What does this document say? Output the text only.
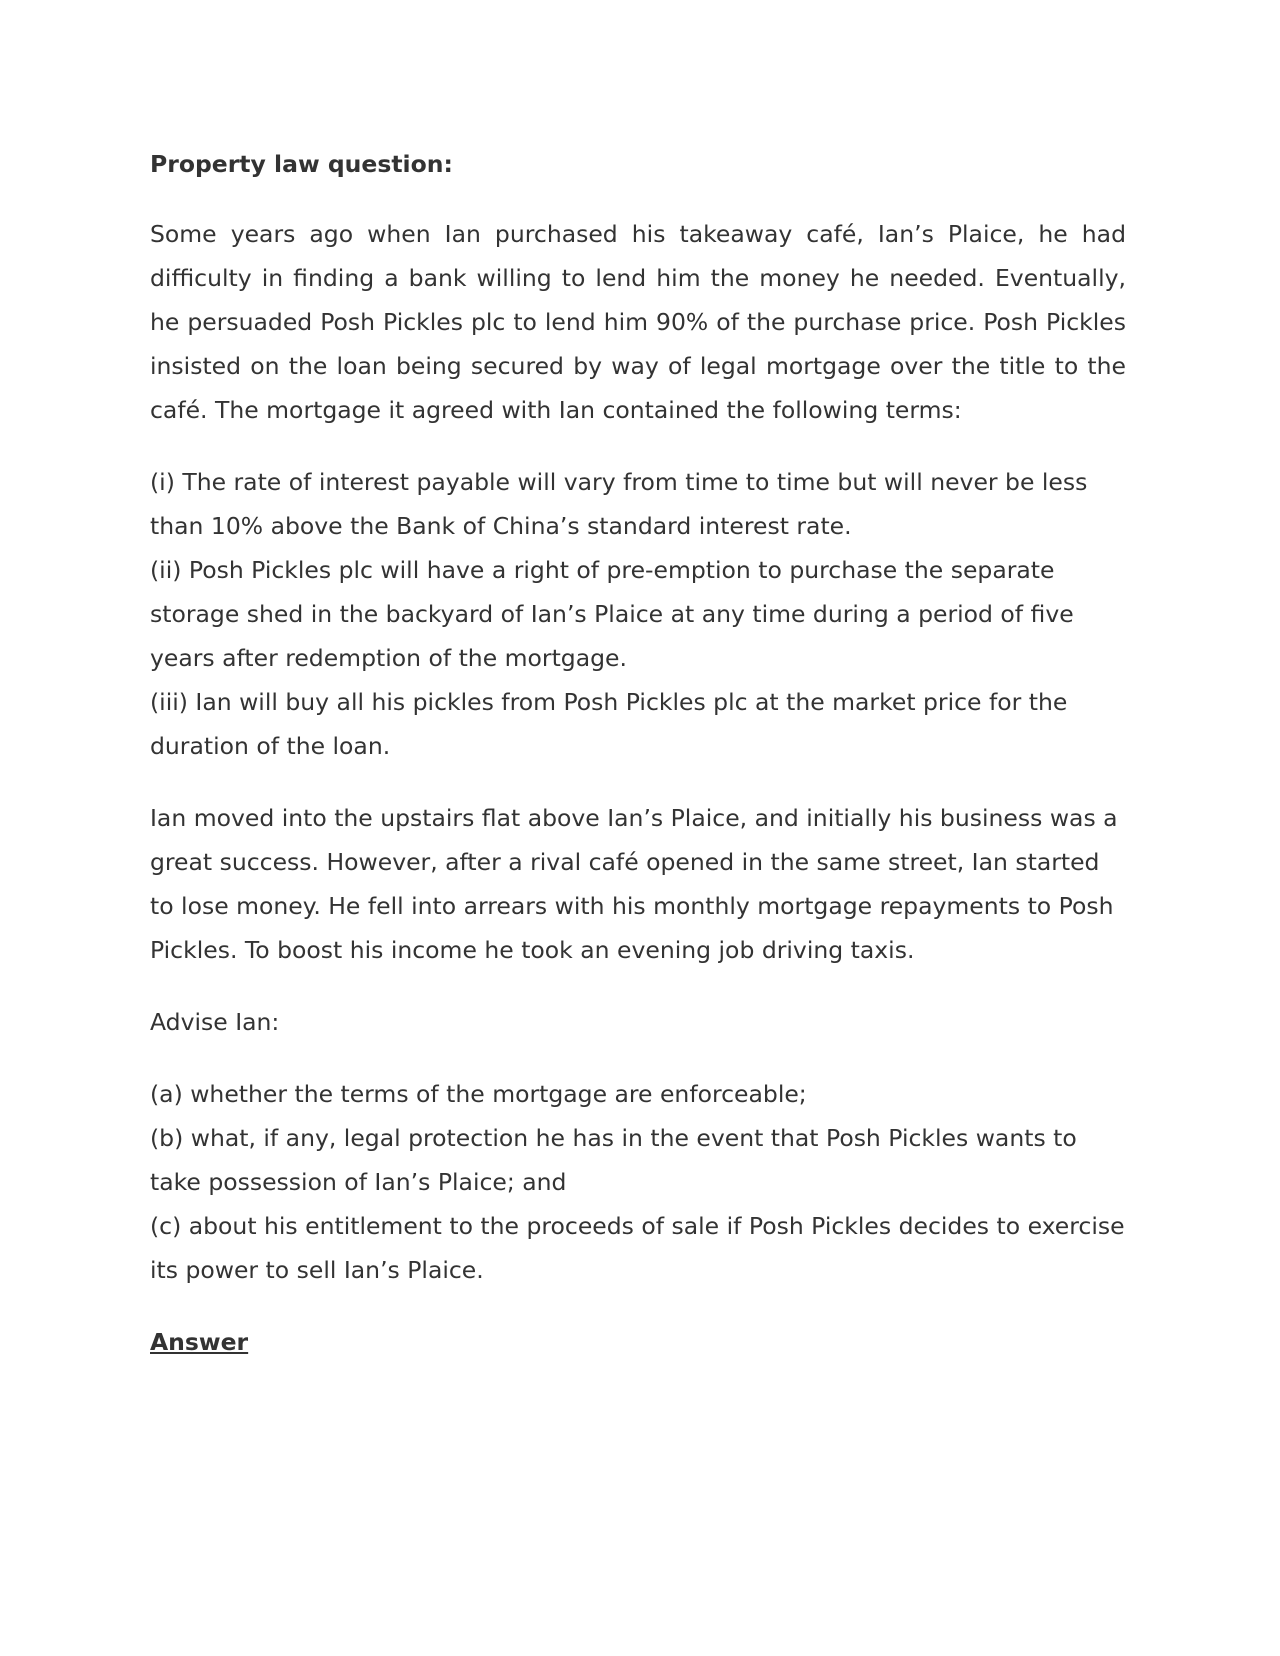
Property law question:

Some years ago when Ian purchased his takeaway café, Ian’s Plaice, he had difficulty in finding a bank willing to lend him the money he needed. Eventually, he persuaded Posh Pickles plc to lend him 90% of the purchase price. Posh Pickles insisted on the loan being secured by way of legal mortgage over the title to the café. The mortgage it agreed with Ian contained the following terms:

(i) The rate of interest payable will vary from time to time but will never be less than 10% above the Bank of China’s standard interest rate.

(ii) Posh Pickles plc will have a right of pre-emption to purchase the separate storage shed in the backyard of Ian’s Plaice at any time during a period of five years after redemption of the mortgage.

(iii) Ian will buy all his pickles from Posh Pickles plc at the market price for the duration of the loan.

Ian moved into the upstairs flat above Ian’s Plaice, and initially his business was a great success. However, after a rival café opened in the same street, Ian started to lose money. He fell into arrears with his monthly mortgage repayments to Posh Pickles. To boost his income he took an evening job driving taxis.

Advise Ian:

(a) whether the terms of the mortgage are enforceable;

(b) what, if any, legal protection he has in the event that Posh Pickles wants to take possession of Ian’s Plaice; and

(c) about his entitlement to the proceeds of sale if Posh Pickles decides to exercise its power to sell Ian’s Plaice.

Answer
